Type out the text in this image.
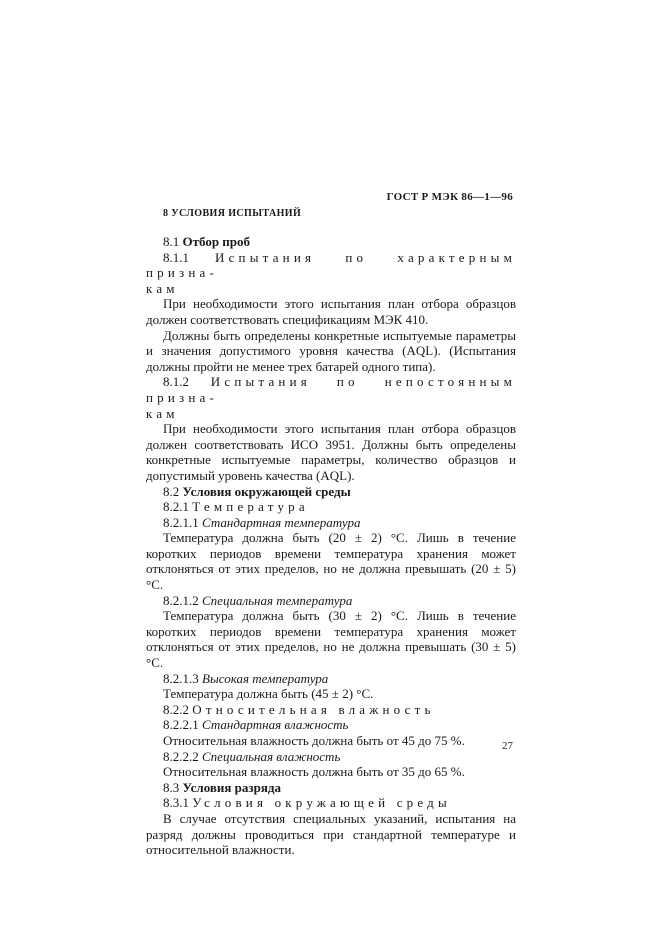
ГОСТ Р МЭК 86—1—96
8 УСЛОВИЯ ИСПЫТАНИЙ
8.1 Отбор проб
8.1.1 Испытания по характерным призна-
кам
При необходимости этого испытания план отбора образцов должен соответствовать спецификациям МЭК 410.
Должны быть определены конкретные испытуемые параметры и значения допустимого уровня качества (AQL). (Испытания должны пройти не менее трех батарей одного типа).
8.1.2 Испытания по непостоянным призна-
кам
При необходимости этого испытания план отбора образцов должен соответствовать ИСО 3951. Должны быть определены конкретные испытуемые параметры, количество образцов и допустимый уровень качества (AQL).
8.2 Условия окружающей среды
8.2.1 Температура
8.2.1.1 Стандартная температура
Температура должна быть (20 ± 2) °С. Лишь в течение коротких периодов времени температура хранения может отклоняться от этих пределов, но не должна превышать (20 ± 5) °С.
8.2.1.2 Специальная температура
Температура должна быть (30 ± 2) °С. Лишь в течение коротких периодов времени температура хранения может отклоняться от этих пределов, но не должна превышать (30 ± 5) °С.
8.2.1.3 Высокая температура
Температура должна быть (45 ± 2) °С.
8.2.2 Относительная влажность
8.2.2.1 Стандартная влажность
Относительная влажность должна быть от 45 до 75 %.
8.2.2.2 Специальная влажность
Относительная влажность должна быть от 35 до 65 %.
8.3 Условия разряда
8.3.1 Условия окружающей среды
В случае отсутствия специальных указаний, испытания на разряд должны проводиться при стандартной температуре и относительной влажности.
27
